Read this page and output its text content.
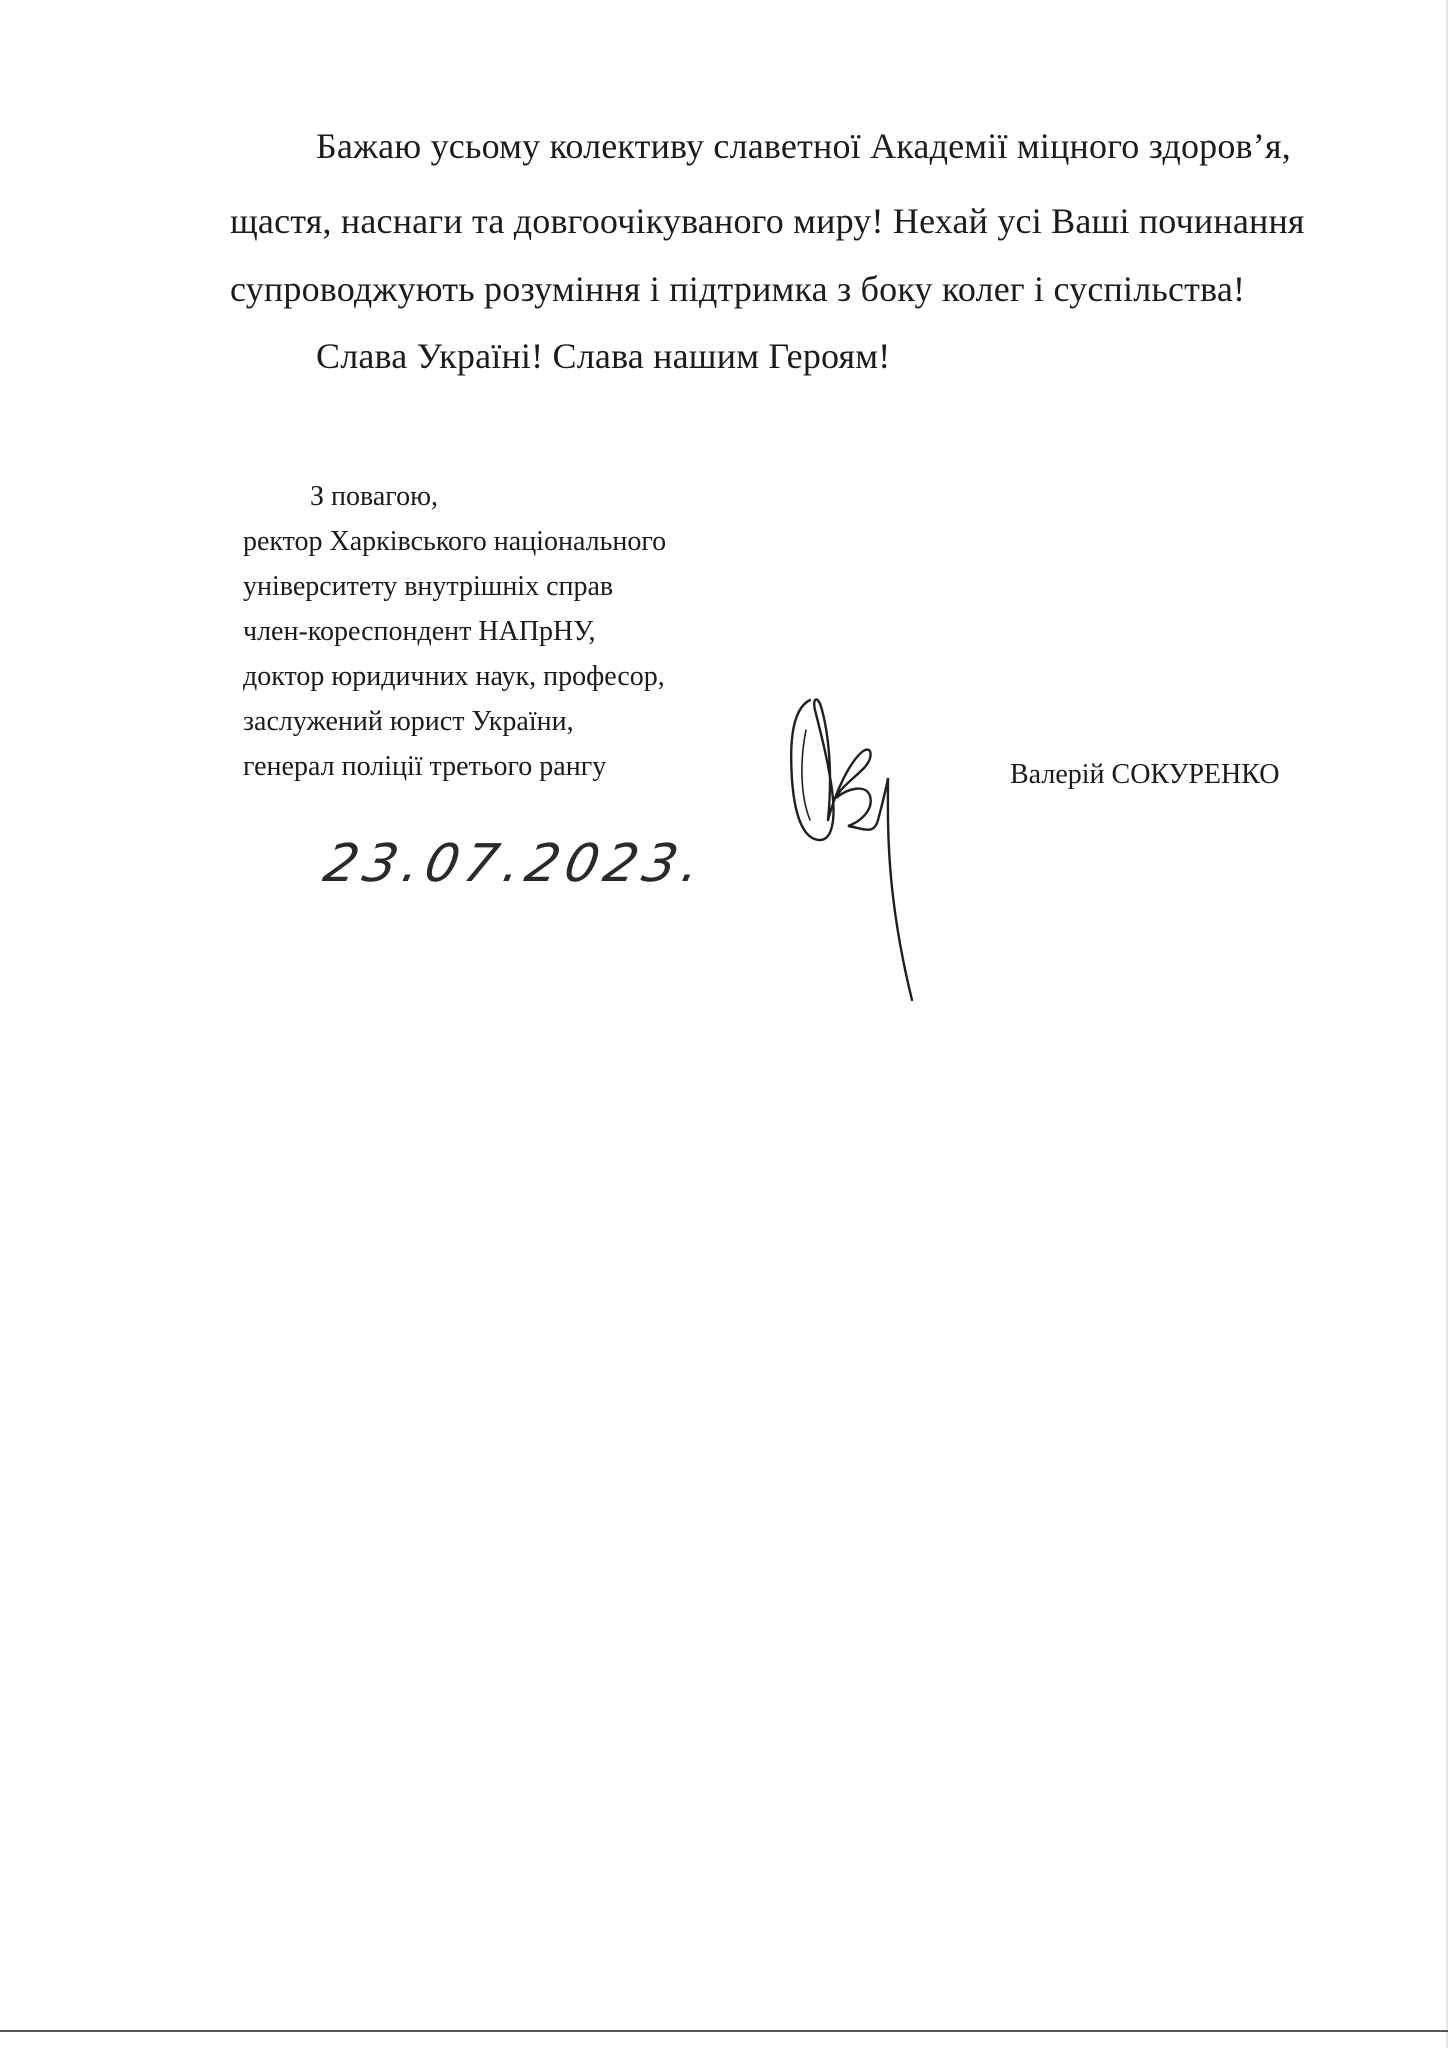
Бажаю усьому колективу славетної Академії міцного здоров’я,
щастя, наснаги та довгоочікуваного миру! Нехай усі Ваші починання
супроводжують розуміння і підтримка з боку колег і суспільства!
Слава Україні! Слава нашим Героям!
З повагою,
ректор Харківського національного
університету внутрішніх справ
член-кореспондент НАПрНУ,
доктор юридичних наук, професор,
заслужений юрист України,
генерал поліції третього рангу	Валерій СОКУРЕНКО
23.07.2023.
